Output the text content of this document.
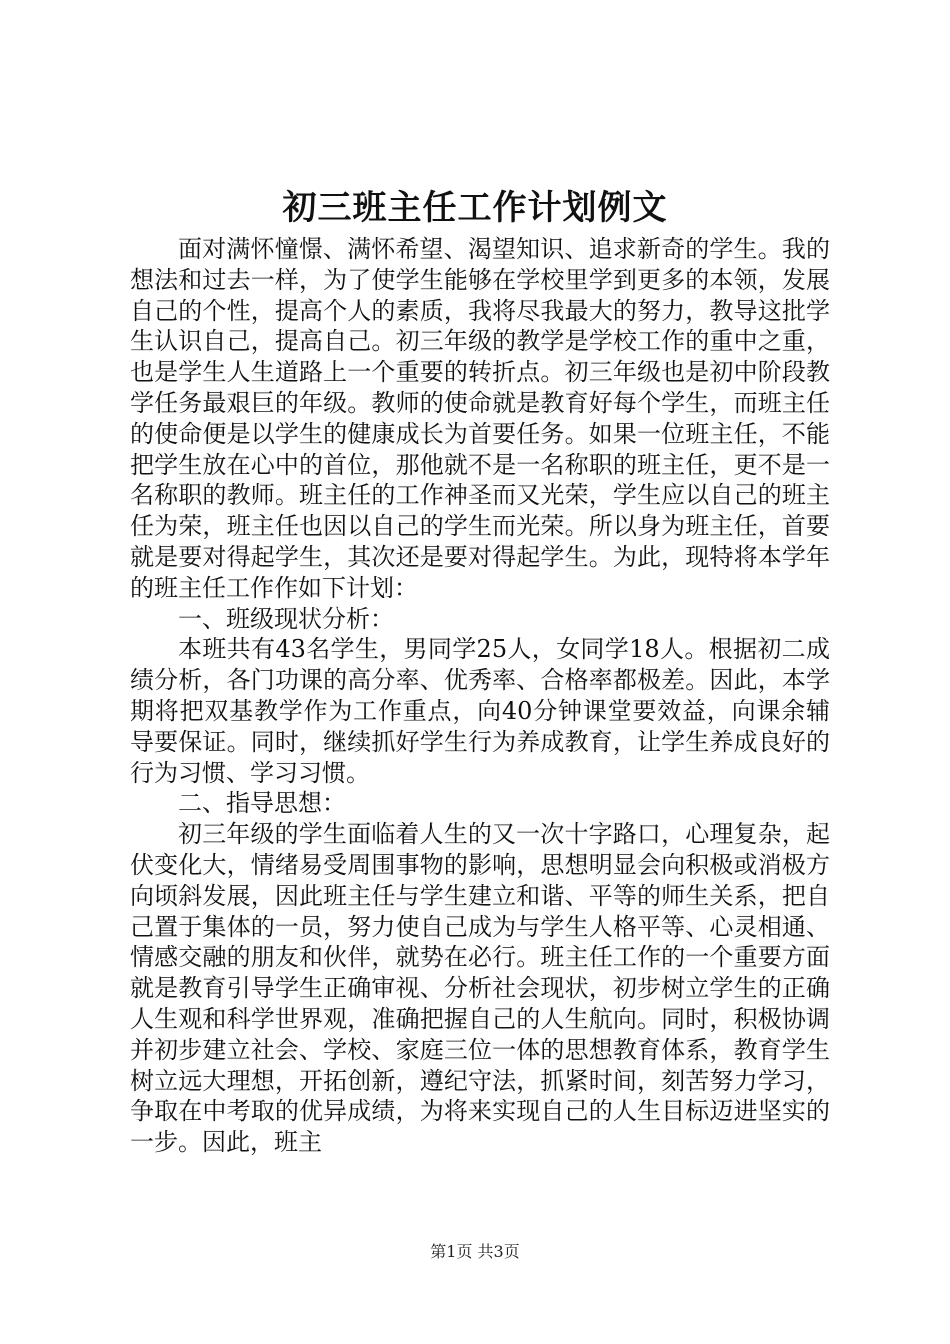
初三班主任工作计划例文

面对满怀憧憬、满怀希望、渴望知识、追求新奇的学生。我的想法和过去一样，为了使学生能够在学校里学到更多的本领，发展自己的个性，提高个人的素质，我将尽我最大的努力，教导这批学生认识自己，提高自己。初三年级的教学是学校工作的重中之重，也是学生人生道路上一个重要的转折点。初三年级也是初中阶段教学任务最艰巨的年级。教师的使命就是教育好每个学生，而班主任的使命便是以学生的健康成长为首要任务。如果一位班主任，不能把学生放在心中的首位，那他就不是一名称职的班主任，更不是一名称职的教师。班主任的工作神圣而又光荣，学生应以自己的班主任为荣，班主任也因以自己的学生而光荣。所以身为班主任，首要就是要对得起学生，其次还是要对得起学生。为此，现特将本学年的班主任工作作如下计划：

一、班级现状分析：

本班共有43名学生，男同学25人，女同学18人。根据初二成绩分析，各门功课的高分率、优秀率、合格率都极差。因此，本学期将把双基教学作为工作重点，向40分钟课堂要效益，向课余辅导要保证。同时，继续抓好学生行为养成教育，让学生养成良好的行为习惯、学习习惯。

二、指导思想：

初三年级的学生面临着人生的又一次十字路口，心理复杂，起伏变化大，情绪易受周围事物的影响，思想明显会向积极或消极方向顷斜发展，因此班主任与学生建立和谐、平等的师生关系，把自己置于集体的一员，努力使自己成为与学生人格平等、心灵相通、情感交融的朋友和伙伴，就势在必行。班主任工作的一个重要方面就是教育引导学生正确审视、分析社会现状，初步树立学生的正确人生观和科学世界观，准确把握自己的人生航向。同时，积极协调并初步建立社会、学校、家庭三位一体的思想教育体系，教育学生树立远大理想，开拓创新，遵纪守法，抓紧时间，刻苦努力学习，争取在中考取的优异成绩，为将来实现自己的人生目标迈进坚实的一步。因此，班主

第1页 共3页
